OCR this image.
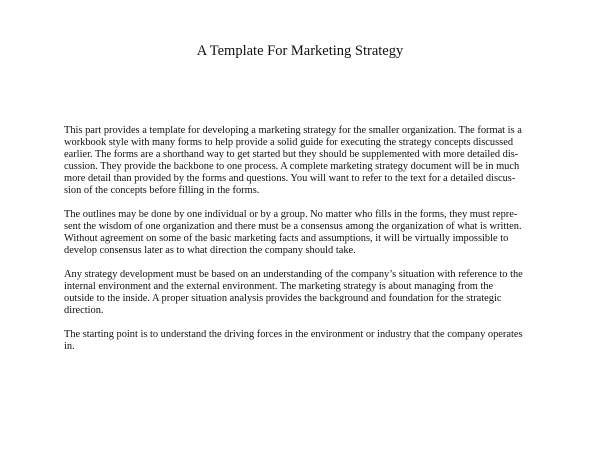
A Template For Marketing Strategy

This part provides a template for developing a marketing strategy for the smaller organization. The format is a
workbook style with many forms to help provide a solid guide for executing the strategy concepts discussed
earlier. The forms are a shorthand way to get started but they should be supplemented with more detailed dis-
cussion. They provide the backbone to one process. A complete marketing strategy document will be in much
more detail than provided by the forms and questions. You will want to refer to the text for a detailed discus-
sion of the concepts before filling in the forms.

The outlines may be done by one individual or by a group. No matter who fills in the forms, they must repre-
sent the wisdom of one organization and there must be a consensus among the organization of what is written.
Without agreement on some of the basic marketing facts and assumptions, it will be virtually impossible to
develop consensus later as to what direction the company should take.

Any strategy development must be based on an understanding of the company’s situation with reference to the
internal environment and the external environment. The marketing strategy is about managing from the
outside to the inside. A proper situation analysis provides the background and foundation for the strategic
direction.

The starting point is to understand the driving forces in the environment or industry that the company operates
in.
